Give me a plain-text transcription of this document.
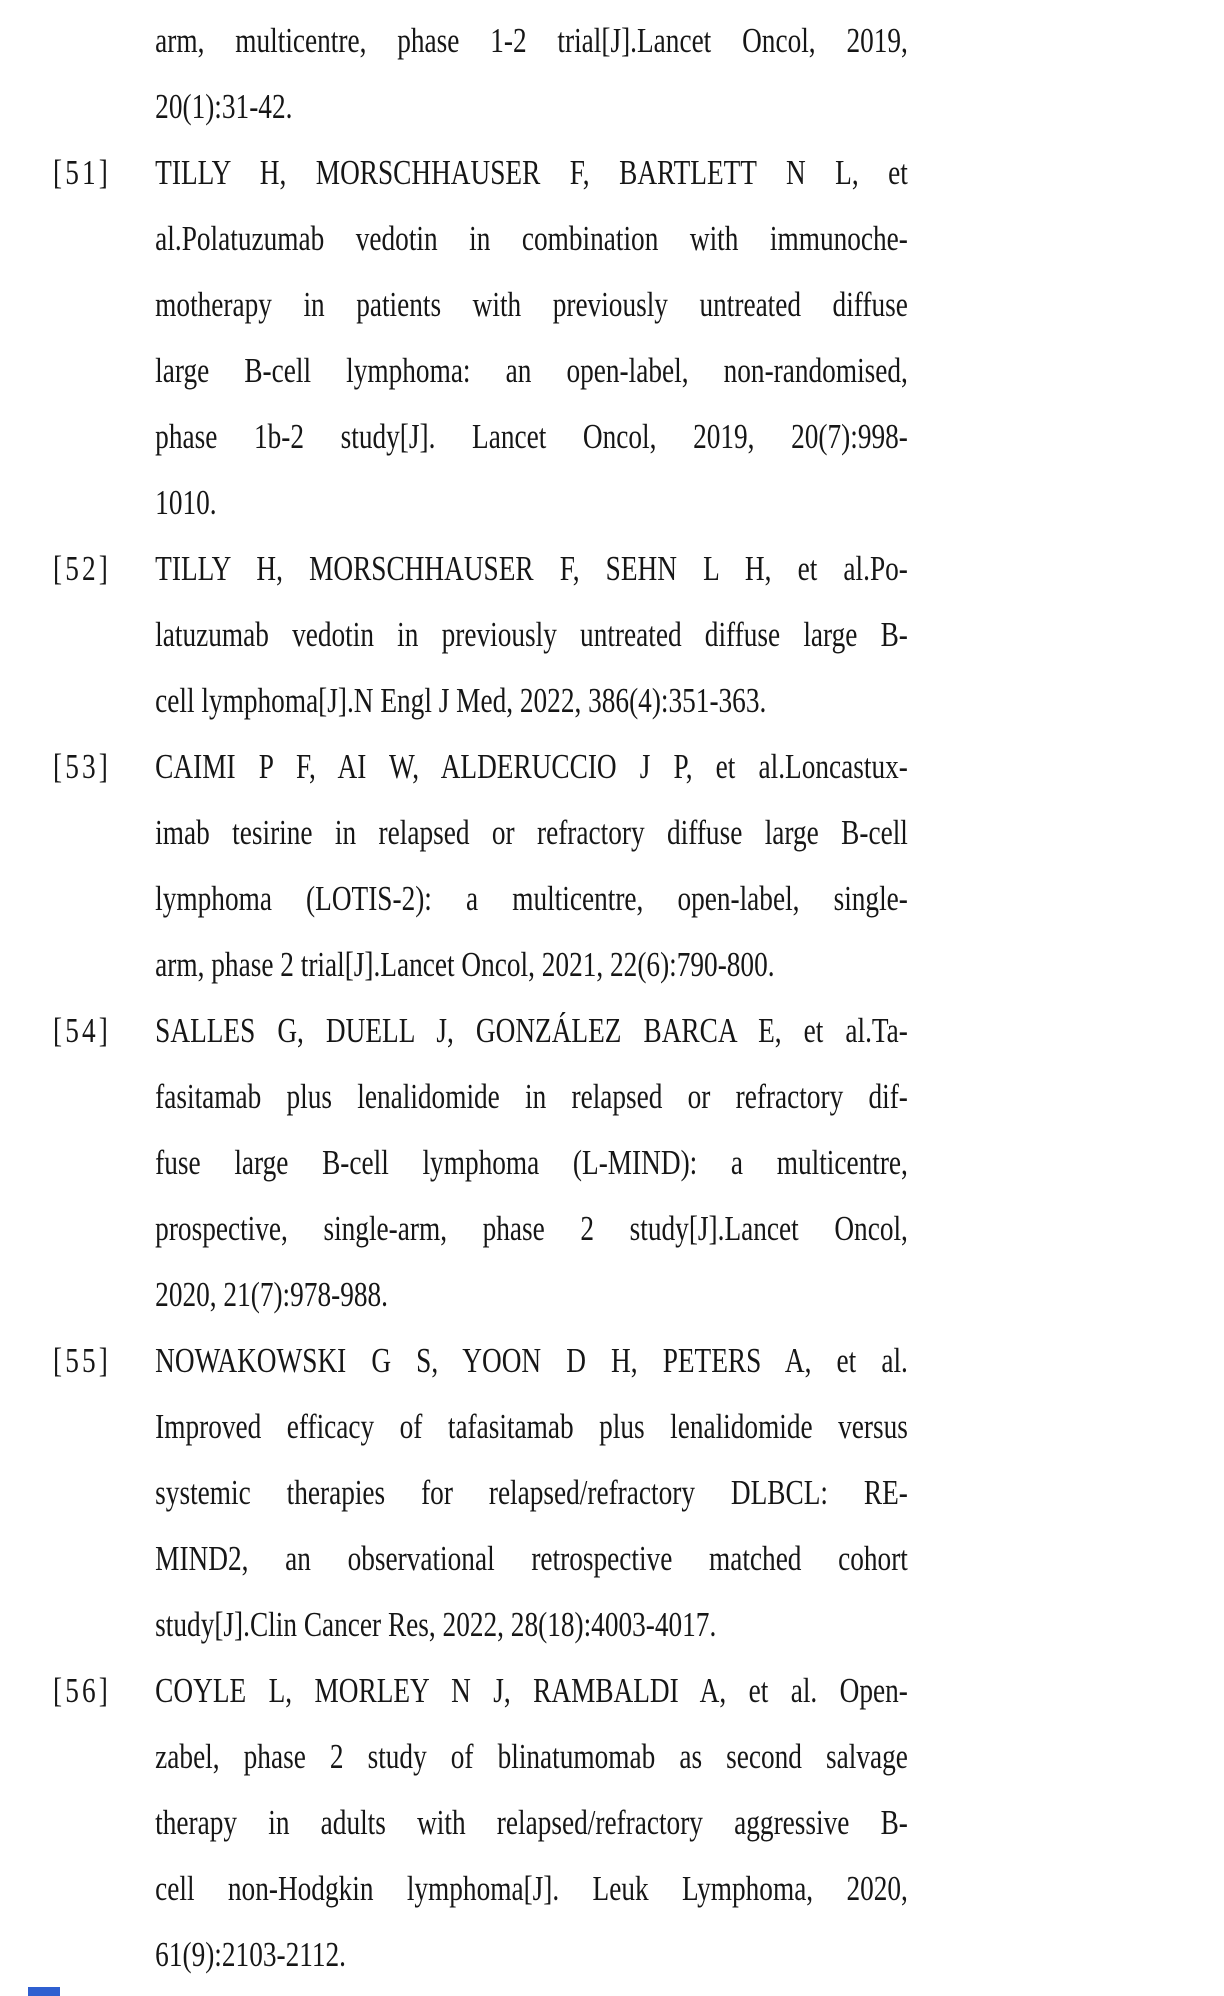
arm, multicentre, phase 1-2 trial[J].Lancet Oncol, 2019,
20(1):31-42.
[51] TILLY H, MORSCHHAUSER F, BARTLETT N L, et
al.Polatuzumab vedotin in combination with immunoche-
motherapy in patients with previously untreated diffuse
large B-cell lymphoma: an open-label, non-randomised,
phase 1b-2 study[J]. Lancet Oncol, 2019, 20(7):998-
1010.
[52] TILLY H, MORSCHHAUSER F, SEHN L H, et al.Po-
latuzumab vedotin in previously untreated diffuse large B-
cell lymphoma[J].N Engl J Med, 2022, 386(4):351-363.
[53] CAIMI P F, AI W, ALDERUCCIO J P, et al.Loncastux-
imab tesirine in relapsed or refractory diffuse large B-cell
lymphoma (LOTIS-2): a multicentre, open-label, single-
arm, phase 2 trial[J].Lancet Oncol, 2021, 22(6):790-800.
[54] SALLES G, DUELL J, GONZÁLEZ BARCA E, et al.Ta-
fasitamab plus lenalidomide in relapsed or refractory dif-
fuse large B-cell lymphoma (L-MIND): a multicentre,
prospective, single-arm, phase 2 study[J].Lancet Oncol,
2020, 21(7):978-988.
[55] NOWAKOWSKI G S, YOON D H, PETERS A, et al.
Improved efficacy of tafasitamab plus lenalidomide versus
systemic therapies for relapsed/refractory DLBCL: RE-
MIND2, an observational retrospective matched cohort
study[J].Clin Cancer Res, 2022, 28(18):4003-4017.
[56] COYLE L, MORLEY N J, RAMBALDI A, et al. Open-
zabel, phase 2 study of blinatumomab as second salvage
therapy in adults with relapsed/refractory aggressive B-
cell non-Hodgkin lymphoma[J]. Leuk Lymphoma, 2020,
61(9):2103-2112.
